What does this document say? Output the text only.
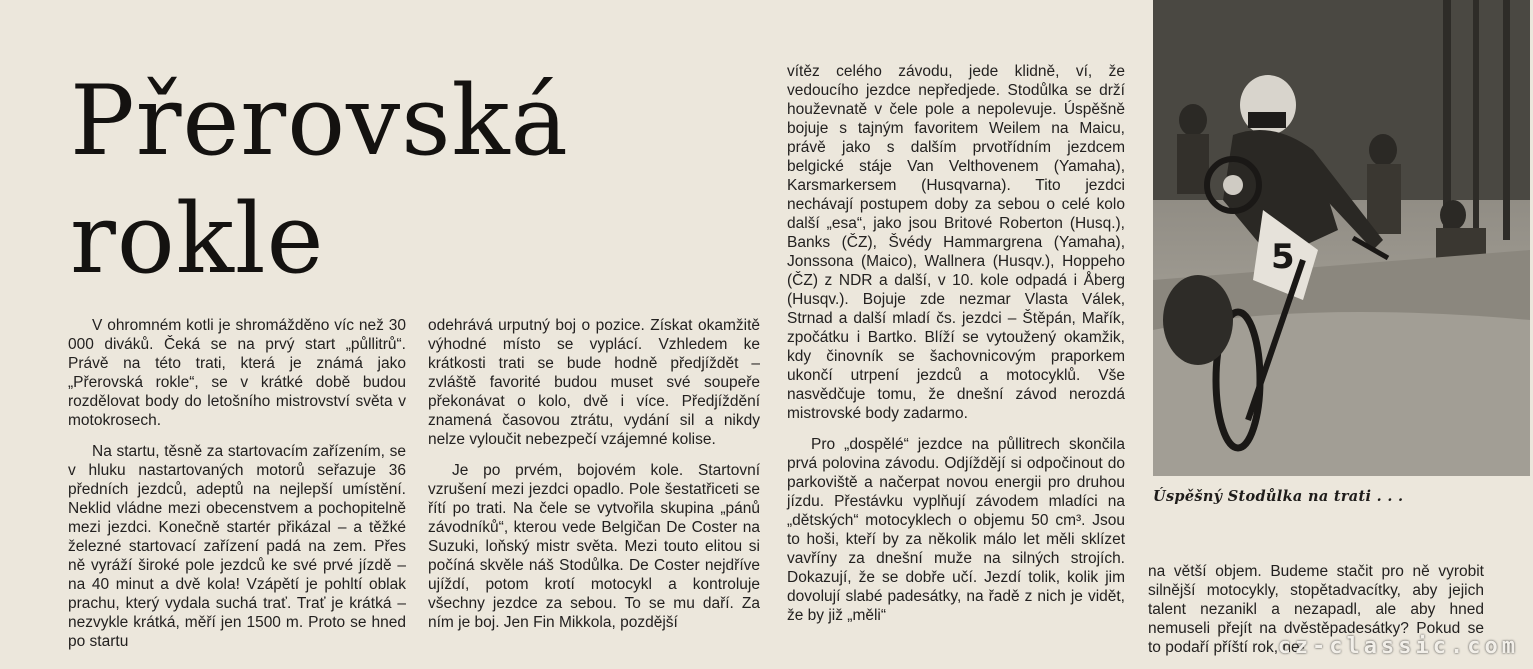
Přerovská
rokle

V ohromném kotli je shromážděno víc než 30 000 diváků. Čeká se na prvý start „půllitrů“. Právě na této trati, která je známá jako „Přerovská rokle“, se v krátké době budou rozdělovat body do letošního mistrovství světa v motokrosech.

Na startu, těsně za startovacím zařízením, se v hluku nastartovaných motorů seřazuje 36 předních jezdců, adeptů na nejlepší umístění. Neklid vládne mezi obecenstvem a pochopitelně mezi jezdci. Konečně startér přikázal – a těžké železné startovací zařízení padá na zem. Přes ně vyráží široké pole jezdců ke své prvé jízdě – na 40 minut a dvě kola! Vzápětí je pohltí oblak prachu, který vydala suchá trať. Trať je krátká – nezvykle krátká, měří jen 1500 m. Proto se hned po startu

odehrává urputný boj o pozice. Získat okamžitě výhodné místo se vyplácí. Vzhledem ke krátkosti trati se bude hodně předjíždět – zvláště favorité budou muset své soupeře překonávat o kolo, dvě i více. Předjíždění znamená časovou ztrátu, vydání sil a nikdy nelze vyloučit nebezpečí vzájemné kolise.

Je po prvém, bojovém kole. Startovní vzrušení mezi jezdci opadlo. Pole šestatřiceti se řítí po trati. Na čele se vytvořila skupina „pánů závodníků“, kterou vede Belgičan De Coster na Suzuki, loňský mistr světa. Mezi touto elitou si počíná skvěle náš Stodůlka. De Coster nejdříve ujíždí, potom krotí motocykl a kontroluje všechny jezdce za sebou. To se mu daří. Za ním je boj. Jen Fin Mikkola, pozdější

vítěz celého závodu, jede klidně, ví, že vedoucího jezdce nepředjede. Stodůlka se drží houževnatě v čele pole a nepolevuje. Úspěšně bojuje s tajným favoritem Weilem na Maicu, právě jako s dalším prvotřídním jezdcem belgické stáje Van Velthovenem (Yamaha), Karsmarkersem (Husqvarna). Tito jezdci nechávají postupem doby za sebou o celé kolo další „esa“, jako jsou Britové Roberton (Husq.), Banks (ČZ), Švédy Hammargrena (Yamaha), Jonssona (Maico), Wallnera (Husqv.), Hoppeho (ČZ) z NDR a další, v 10. kole odpadá i Åberg (Husqv.). Bojuje zde nezmar Vlasta Válek, Strnad a další mladí čs. jezdci – Štěpán, Mařík, zpočátku i Bartko. Blíží se vytoužený okamžik, kdy činovník se šachovnicovým praporkem ukončí utrpení jezdců a motocyklů. Vše nasvědčuje tomu, že dnešní závod nerozdá mistrovské body zadarmo.

Pro „dospělé“ jezdce na půllitrech skončila prvá polovina závodu. Odjíždějí si odpočinout do parkoviště a načerpat novou energii pro druhou jízdu. Přestávku vyplňují závodem mladíci na „dětských“ motocyklech o objemu 50 cm³. Jsou to hoši, kteří by za několik málo let měli sklízet vavříny za dnešní muže na silných strojích. Dokazují, že se dobře učí. Jezdí tolik, kolik jim dovolují slabé padesátky, na řadě z nich je vidět, že by již „měli“

na větší objem. Budeme stačit pro ně vyrobit silnější motocykly, stopětadvacítky, aby jejich talent nezanikl a nezapadl, ale aby hned nemuseli přejít na dvěstěpadesátky? Pokud se to podaří příští rok, ne-

5
Úspěšný Stodůlka na trati . . .
cz-classic.com
